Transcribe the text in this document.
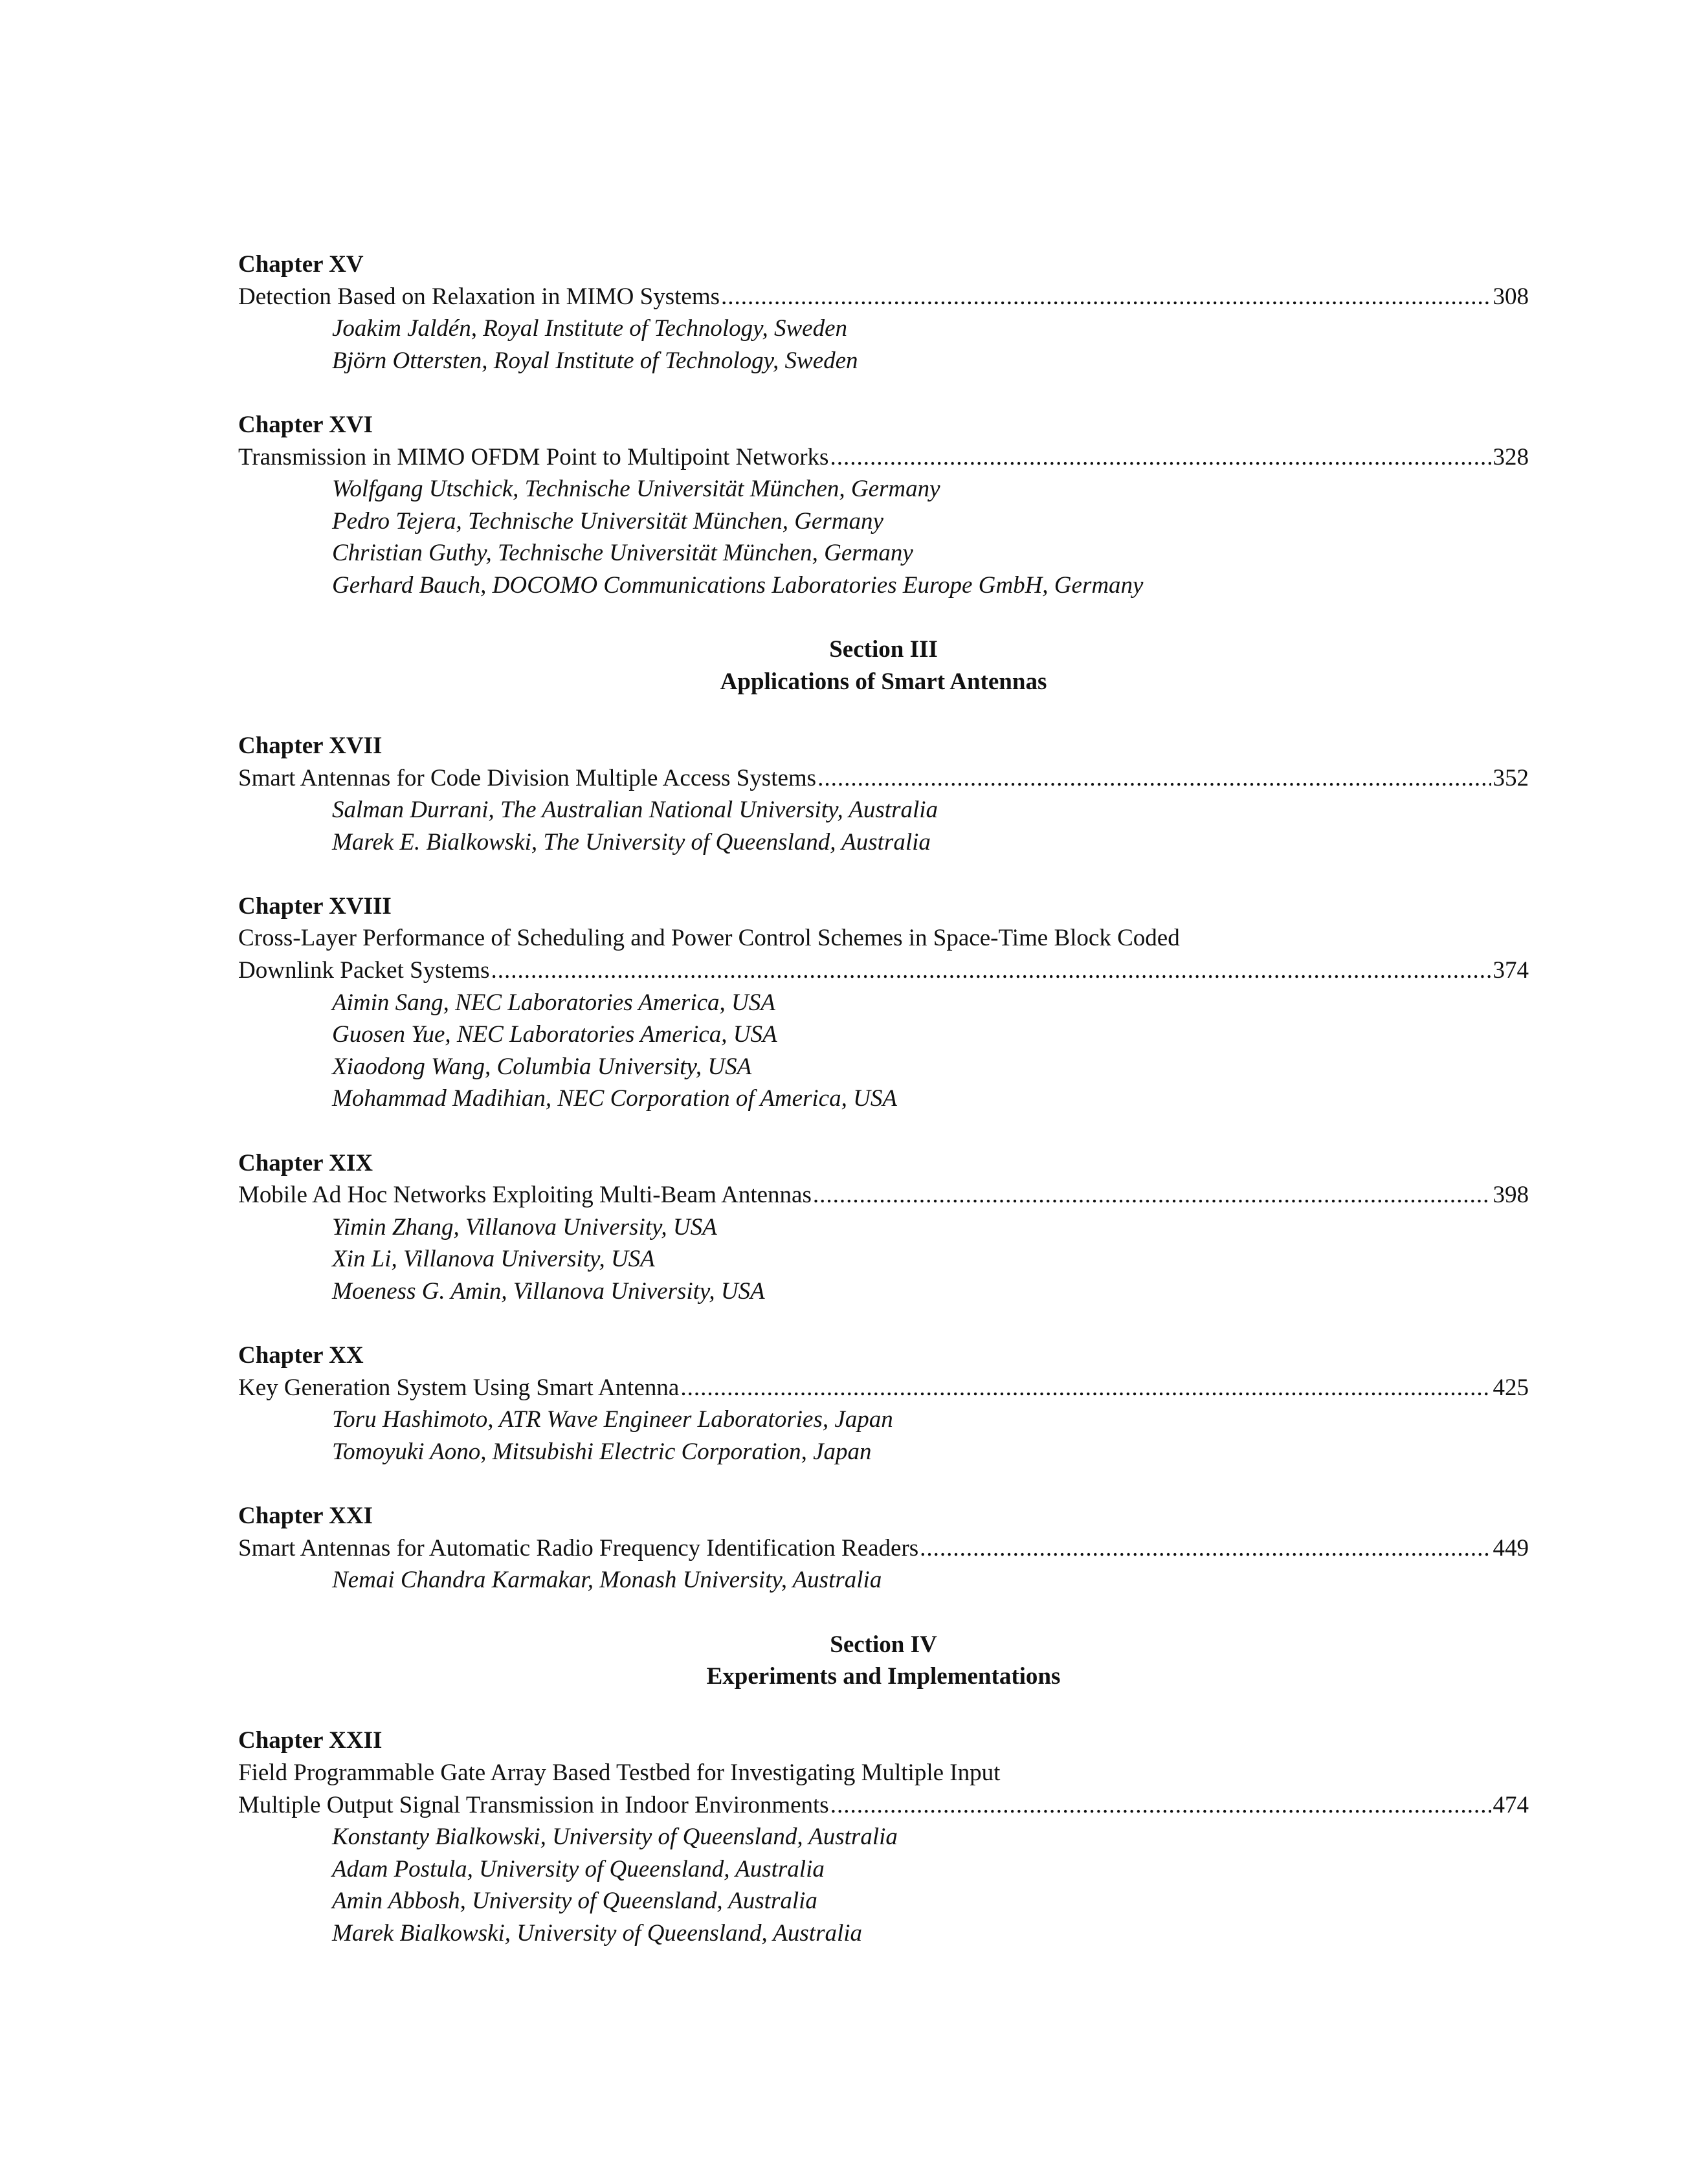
Chapter XV
Detection Based on Relaxation in MIMO Systems .....	308
Joakim Jaldén, Royal Institute of Technology, Sweden
Björn Ottersten, Royal Institute of Technology, Sweden
Chapter XVI
Transmission in MIMO OFDM Point to Multipoint Networks .....	328
Wolfgang Utschick, Technische Universität München, Germany
Pedro Tejera, Technische Universität München, Germany
Christian Guthy, Technische Universität München, Germany
Gerhard Bauch, DOCOMO Communications Laboratories Europe GmbH, Germany
Section III
Applications of Smart Antennas
Chapter XVII
Smart Antennas for Code Division Multiple Access Systems .....	352
Salman Durrani, The Australian National University, Australia
Marek E. Bialkowski, The University of Queensland, Australia
Chapter XVIII
Cross-Layer Performance of Scheduling and Power Control Schemes in Space-Time Block Coded
Downlink Packet Systems .....	374
Aimin Sang, NEC Laboratories America, USA
Guosen Yue, NEC Laboratories America, USA
Xiaodong Wang, Columbia University, USA
Mohammad Madihian, NEC Corporation of America, USA
Chapter XIX
Mobile Ad Hoc Networks Exploiting Multi-Beam Antennas .....	398
Yimin Zhang, Villanova University, USA
Xin Li, Villanova University, USA
Moeness G. Amin, Villanova University, USA
Chapter XX
Key Generation System Using Smart Antenna .....	425
Toru Hashimoto, ATR Wave Engineer Laboratories, Japan
Tomoyuki Aono, Mitsubishi Electric Corporation, Japan
Chapter XXI
Smart Antennas for Automatic Radio Frequency Identification Readers .....	449
Nemai Chandra Karmakar, Monash University, Australia
Section IV
Experiments and Implementations
Chapter XXII
Field Programmable Gate Array Based Testbed for Investigating Multiple Input
Multiple Output Signal Transmission in Indoor Environments .....	474
Konstanty Bialkowski, University of Queensland, Australia
Adam Postula, University of Queensland, Australia
Amin Abbosh, University of Queensland, Australia
Marek Bialkowski, University of Queensland, Australia
